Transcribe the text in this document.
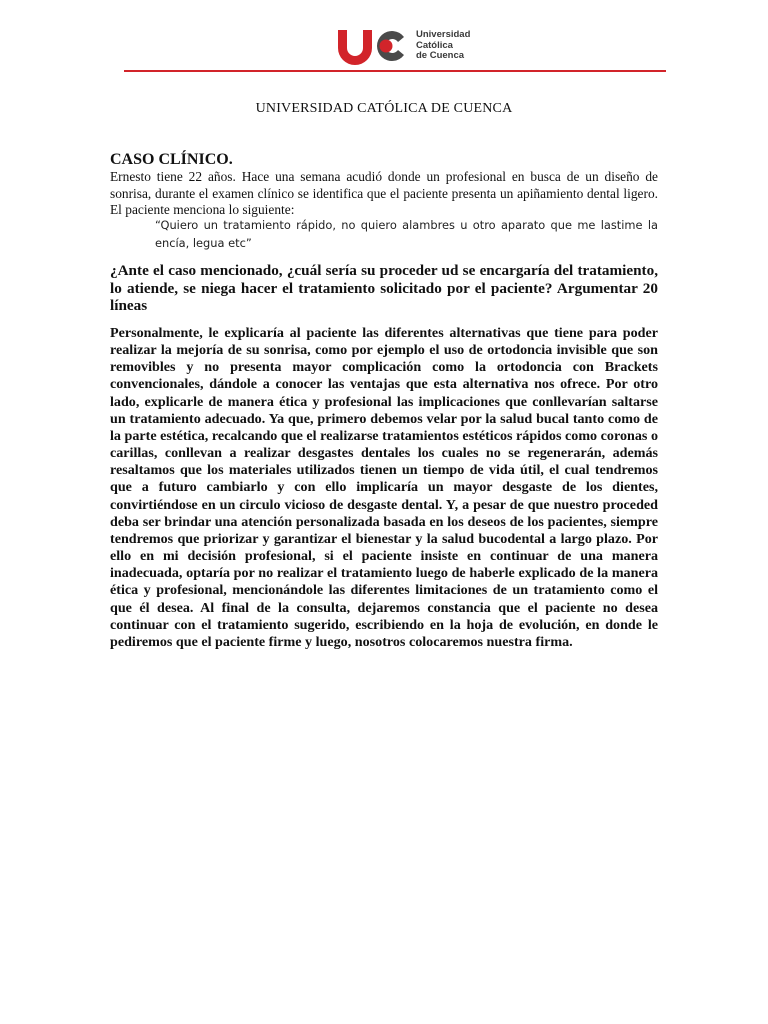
Universidad
Católica
de Cuenca
UNIVERSIDAD CATÓLICA DE CUENCA
CASO CLÍNICO.
Ernesto tiene 22 años. Hace una semana acudió donde un profesional en busca de un diseño de sonrisa, durante el examen clínico se identifica que el paciente presenta un apiñamiento dental ligero. El paciente menciona lo siguiente:
“Quiero un tratamiento rápido, no quiero alambres u otro aparato que me lastime la encía, legua etc”
¿Ante el caso mencionado, ¿cuál sería su proceder ud se encargaría del tratamiento, lo atiende, se niega hacer el tratamiento solicitado por el paciente? Argumentar 20 líneas
Personalmente, le explicaría al paciente las diferentes alternativas que tiene para poder realizar la mejoría de su sonrisa, como por ejemplo el uso de ortodoncia invisible que son removibles y no presenta mayor complicación como la ortodoncia con Brackets convencionales, dándole a conocer las ventajas que esta alternativa nos ofrece. Por otro lado, explicarle de manera ética y profesional las implicaciones que conllevarían saltarse un tratamiento adecuado. Ya que, primero debemos velar por la salud bucal tanto como de la parte estética, recalcando que el realizarse tratamientos estéticos rápidos como coronas o carillas, conllevan a realizar desgastes dentales los cuales no se regenerarán, además resaltamos que los materiales utilizados tienen un tiempo de vida útil, el cual tendremos que a futuro cambiarlo y con ello implicaría un mayor desgaste de los dientes, convirtiéndose en un circulo vicioso de desgaste dental. Y, a pesar de que nuestro proceded deba ser brindar una atención personalizada basada en los deseos de los pacientes, siempre tendremos que priorizar y garantizar el bienestar y la salud bucodental a largo plazo. Por ello en mi decisión profesional, si el paciente insiste en continuar de una manera inadecuada, optaría por no realizar el tratamiento luego de haberle explicado de la manera ética y profesional, mencionándole las diferentes limitaciones de un tratamiento como el que él desea. Al final de la consulta, dejaremos constancia que el paciente no desea continuar con el tratamiento sugerido, escribiendo en la hoja de evolución, en donde le pediremos que el paciente firme y luego, nosotros colocaremos nuestra firma.
